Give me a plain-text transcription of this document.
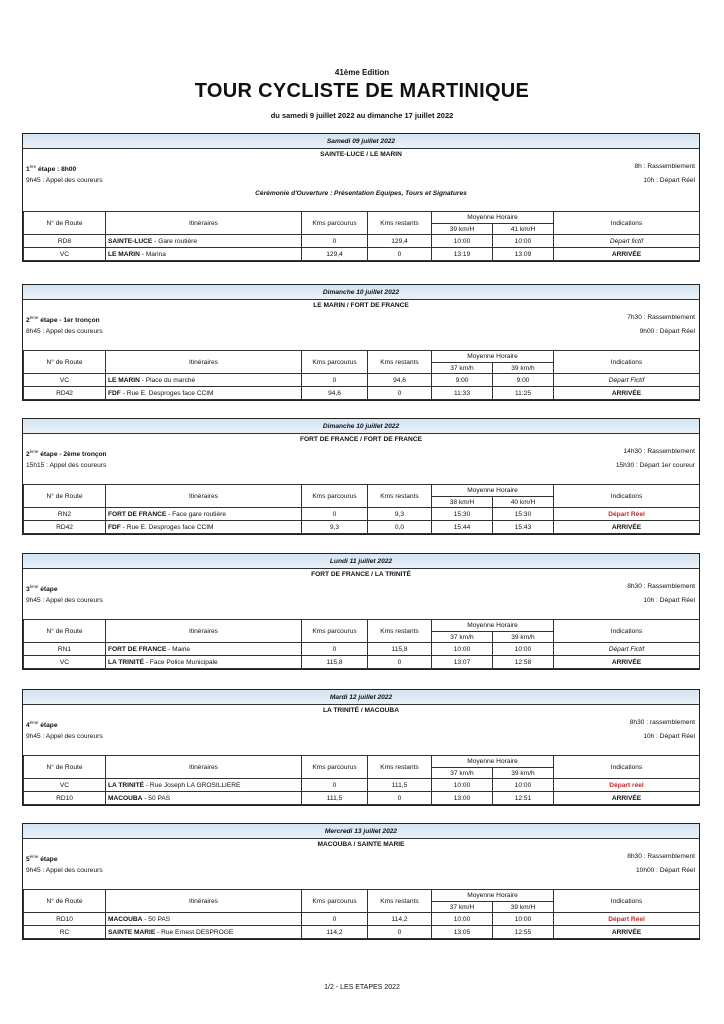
41ème Edition
TOUR CYCLISTE DE MARTINIQUE
du samedi 9 juillet 2022 au dimanche 17 juillet 2022
Samedi 09 juillet 2022
SAINTE-LUCE / LE MARIN
1ère étape : 8h00	8h : Rassemblement
9h45 : Appel des coureurs	10h : Départ Réel
Cérémonie d'Ouverture : Présentation Equipes, Tours et Signatures
N° de Route	Itinéraires	Kms parcourus	Kms restants	Moyenne Horaire		Indications
				39 km/H	41 km/H	
RD8	SAINTE-LUCE - Gare routière	0	129,4	10:00	10:00	Départ fictif
VC	LE MARIN - Marina	129,4	0	13:19	13:09	ARRIVÉE
Dimanche 10 juillet 2022
LE MARIN / FORT DE FRANCE
2ème étape - 1er tronçon	7h30 : Rassemblement
8h45 : Appel des coureurs	9h00 : Départ Réel
N° de Route	Itinéraires	Kms parcourus	Kms restants	Moyenne Horaire		Indications
				37 km/h	39 km/h	
VC	LE MARIN - Place du marché	0	94,6	9:00	9:00	Départ Fictif
RD42	FDF - Rue E. Desproges face CCIM	94,6	0	11:33	11:25	ARRIVÉE
Dimanche 10 juillet 2022
FORT DE FRANCE / FORT DE FRANCE
2ème étape - 2ème tronçon	14h30 : Rassemblement
15h15 : Appel des coureurs	15h30 : Départ 1er coureur
N° de Route	Itinéraires	Kms parcourus	Kms restants	Moyenne Horaire		Indications
				38 km/H	40 km/H	
RN2	FORT DE FRANCE - Face gare routière	0	9,3	15:30	15:30	Départ Réel
RD42	FDF - Rue E. Desproges face CCIM	9,3	0,0	15:44	15:43	ARRIVÉE
Lundi 11 juillet 2022
FORT DE FRANCE / LA TRINITÉ
3ème étape	8h30 : Rassemblement
9h45 : Appel des coureurs	10h : Départ Réel
N° de Route	Itinéraires	Kms parcourus	Kms restants	Moyenne Horaire		Indications
				37 km/h	39 km/h	
RN1	FORT DE FRANCE - Mairie	0	115,8	10:00	10:00	Départ Fictif
VC	LA TRINITÉ - Face Police Municipale	115,8	0	13:07	12:58	ARRIVÉE
Mardi 12 juillet 2022
LA TRINITÉ / MACOUBA
4ème étape	8h30 : rassemblement
9h45 : Appel des coureurs	10h : Départ Réel
N° de Route	Itinéraires	Kms parcourus	Kms restants	Moyenne Horaire		Indications
				37 km/h	39 km/h	
VC	LA TRINITÉ - Rue Joseph LA GROSILLIERE	0	111,5	10:00	10:00	Départ réel
RD10	MACOUBA - 50 PAS	111,5	0	13:00	12:51	ARRIVÉE
Mercredi 13 juillet 2022
MACOUBA / SAINTE MARIE
5ème étape	8h30 : Rassemblement
9h45 : Appel des coureurs	10h00 : Départ Réel
N° de Route	Itinéraires	Kms parcourus	Kms restants	Moyenne Horaire		Indications
				37 km/H	39 km/H	
RD10	MACOUBA - 50 PAS	0	114,2	10:00	10:00	Départ Réel
RC	SAINTE MARIE - Rue Ernest DESPROGE	114,2	0	13:05	12:55	ARRIVÉE
1/2 - LES ETAPES 2022
